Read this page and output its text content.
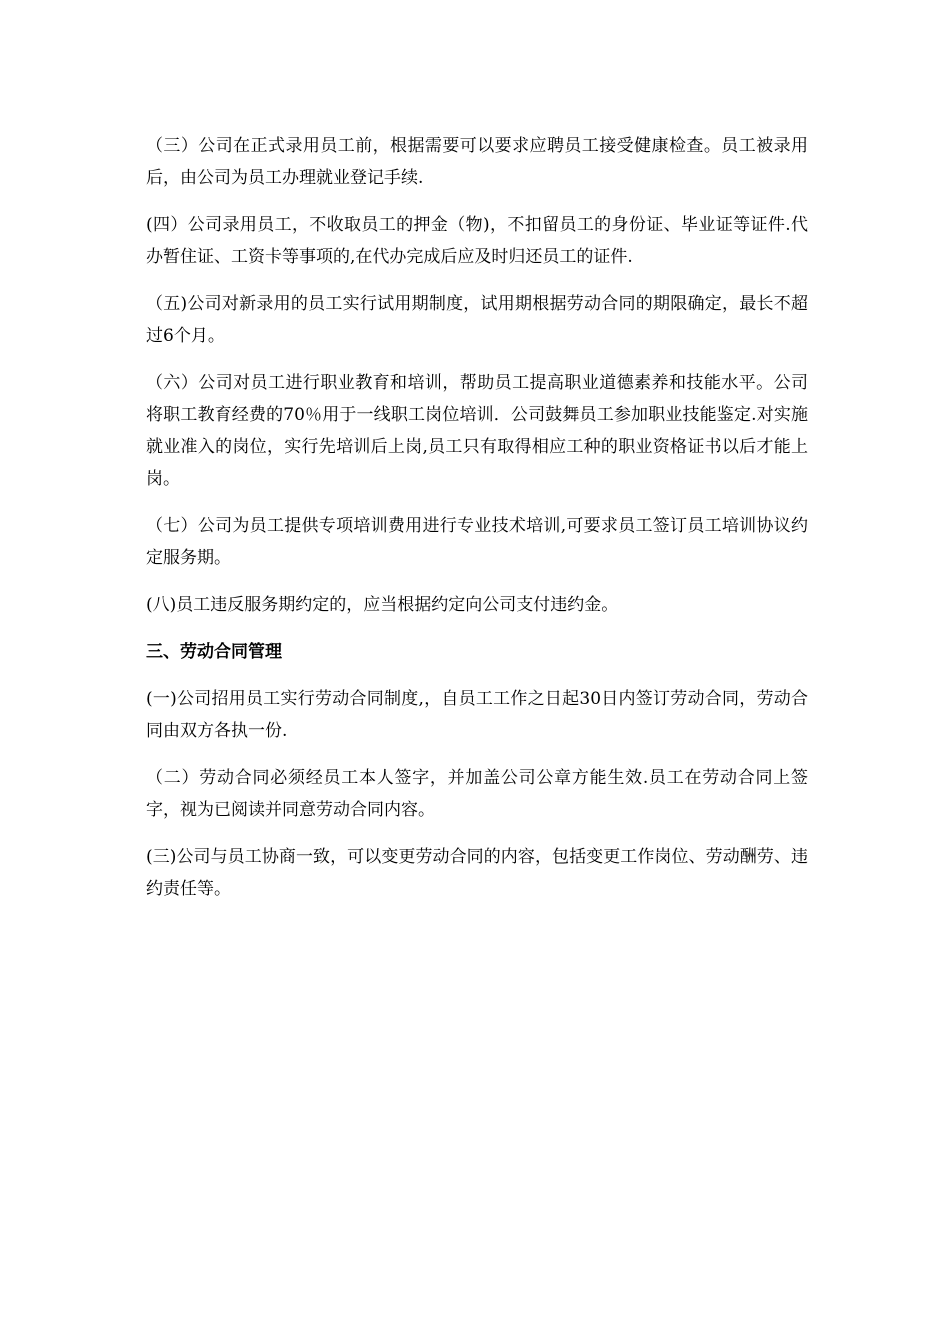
（三）公司在正式录用员工前，根据需要可以要求应聘员工接受健康检查。员工被录用后，由公司为员工办理就业登记手续.

(四）公司录用员工，不收取员工的押金（物)，不扣留员工的身份证、毕业证等证件.代办暂住证、工资卡等事项的,在代办完成后应及时归还员工的证件.

（五)公司对新录用的员工实行试用期制度，试用期根据劳动合同的期限确定，最长不超过6个月。

（六）公司对员工进行职业教育和培训，帮助员工提高职业道德素养和技能水平。公司将职工教育经费的70％用于一线职工岗位培训．公司鼓舞员工参加职业技能鉴定.对实施就业准入的岗位，实行先培训后上岗,员工只有取得相应工种的职业资格证书以后才能上岗。

（七）公司为员工提供专项培训费用进行专业技术培训,可要求员工签订员工培训协议约定服务期。

(八)员工违反服务期约定的，应当根据约定向公司支付违约金。

三、劳动合同管理

(一)公司招用员工实行劳动合同制度,，自员工工作之日起30日内签订劳动合同，劳动合同由双方各执一份.

（二）劳动合同必须经员工本人签字，并加盖公司公章方能生效.员工在劳动合同上签字，视为已阅读并同意劳动合同内容。

(三)公司与员工协商一致，可以变更劳动合同的内容，包括变更工作岗位、劳动酬劳、违约责任等。
